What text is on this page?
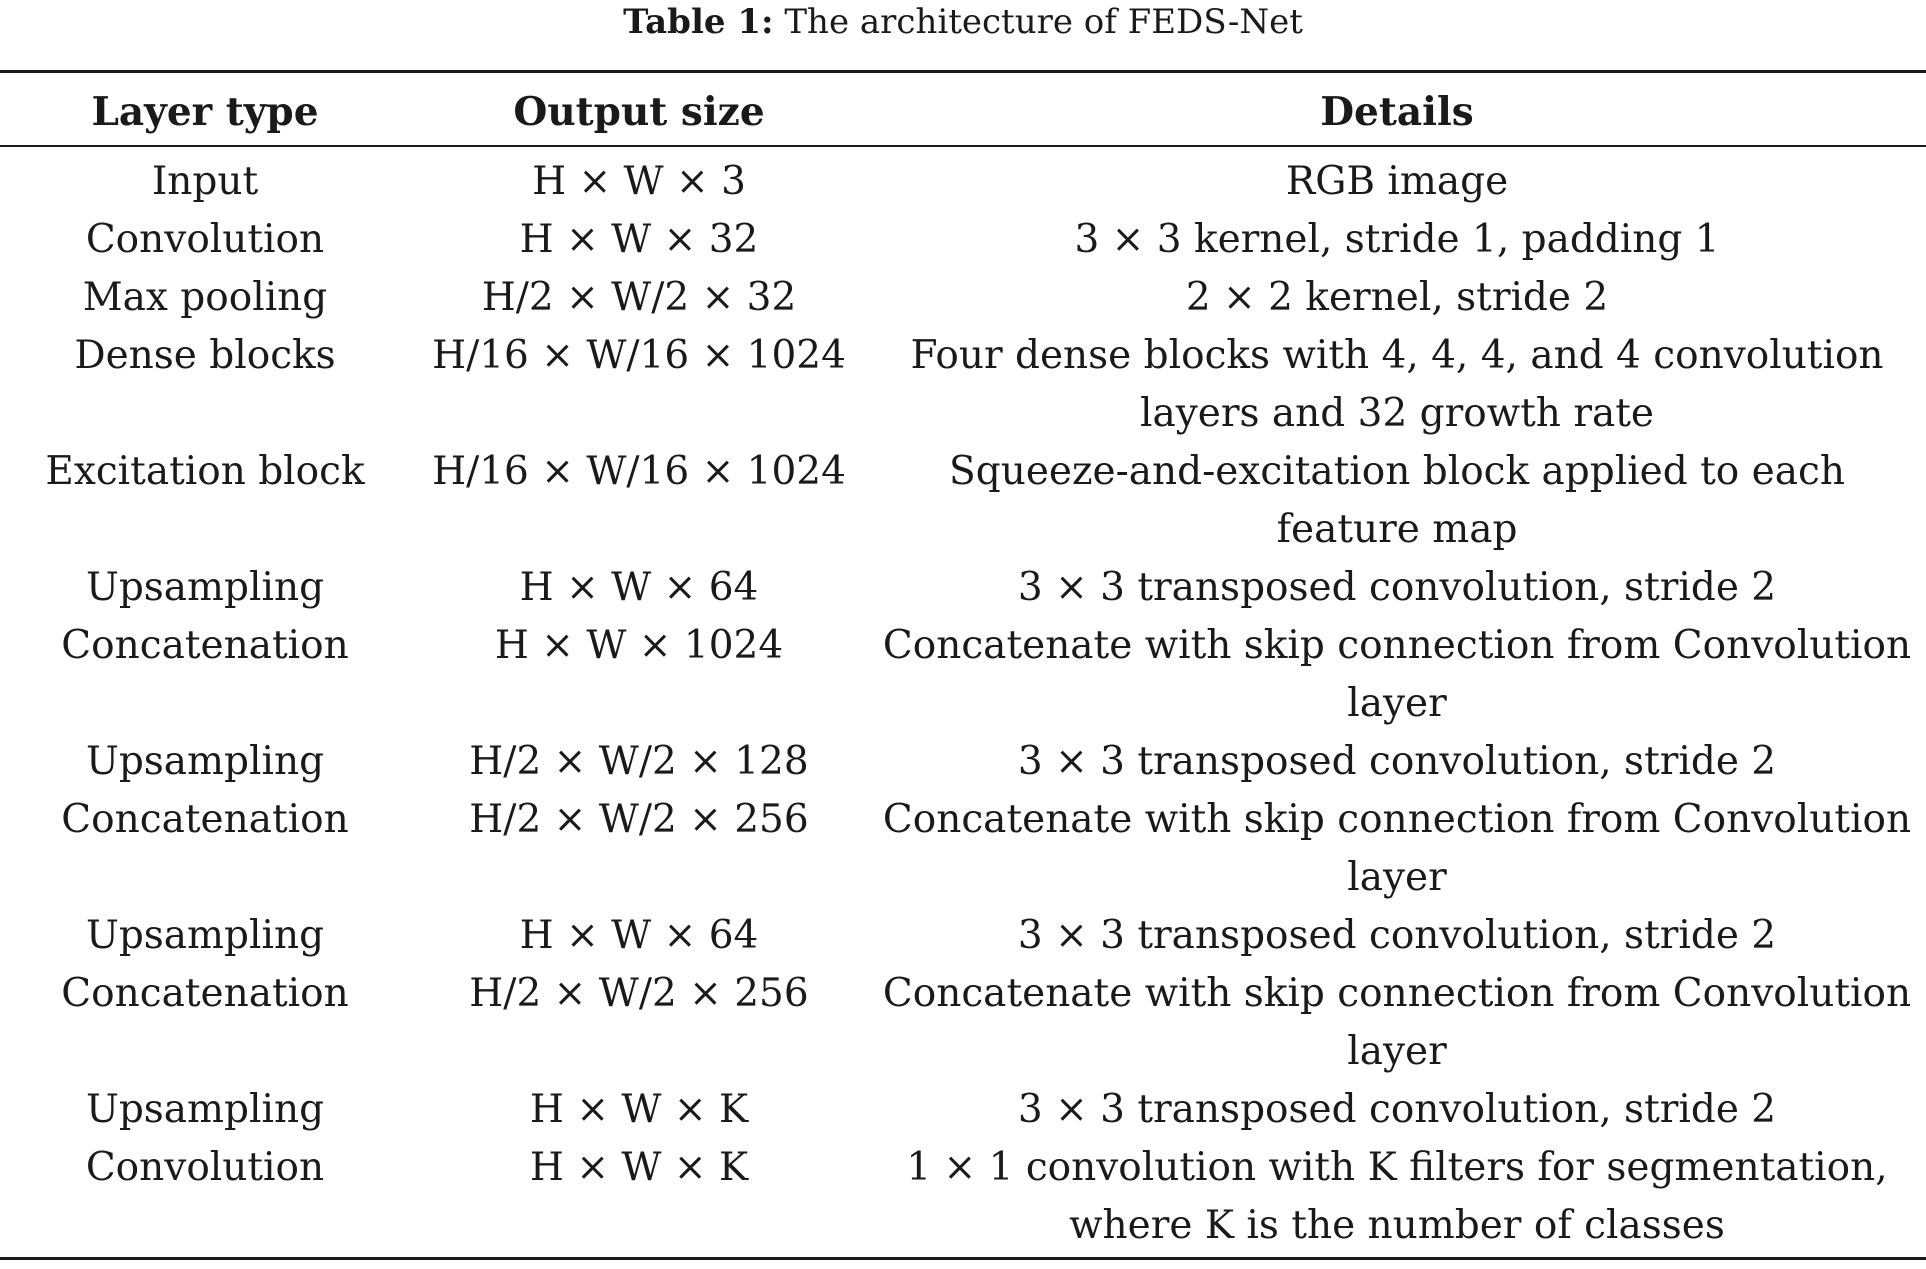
Table 1: The architecture of FEDS-Net
Layer type	Output size	Details
Input	H × W × 3	RGB image
Convolution	H × W × 32	3 × 3 kernel, stride 1, padding 1
Max pooling	H/2 × W/2 × 32	2 × 2 kernel, stride 2
Dense blocks	H/16 × W/16 × 1024	Four dense blocks with 4, 4, 4, and 4 convolution layers and 32 growth rate
Excitation block	H/16 × W/16 × 1024	Squeeze-and-excitation block applied to each feature map
Upsampling	H × W × 64	3 × 3 transposed convolution, stride 2
Concatenation	H × W × 1024	Concatenate with skip connection from Convolution layer
Upsampling	H/2 × W/2 × 128	3 × 3 transposed convolution, stride 2
Concatenation	H/2 × W/2 × 256	Concatenate with skip connection from Convolution layer
Upsampling	H × W × 64	3 × 3 transposed convolution, stride 2
Concatenation	H/2 × W/2 × 256	Concatenate with skip connection from Convolution layer
Upsampling	H × W × K	3 × 3 transposed convolution, stride 2
Convolution	H × W × K	1 × 1 convolution with K filters for segmentation, where K is the number of classes
